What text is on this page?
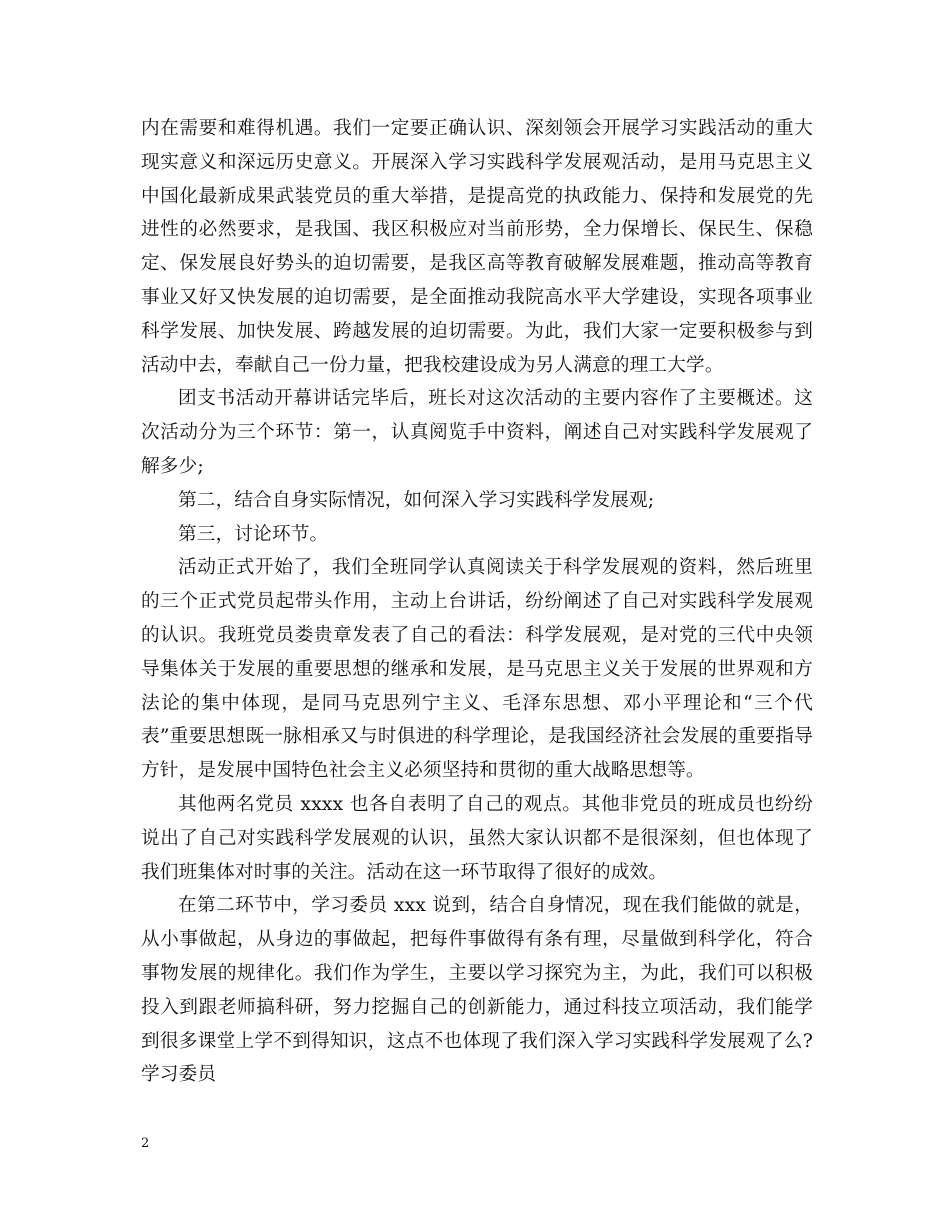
内在需要和难得机遇。我们一定要正确认识、深刻领会开展学习实践活动的重大现实意义和深远历史意义。开展深入学习实践科学发展观活动，是用马克思主义中国化最新成果武装党员的重大举措，是提高党的执政能力、保持和发展党的先进性的必然要求，是我国、我区积极应对当前形势，全力保增长、保民生、保稳定、保发展良好势头的迫切需要，是我区高等教育破解发展难题，推动高等教育事业又好又快发展的迫切需要，是全面推动我院高水平大学建设，实现各项事业科学发展、加快发展、跨越发展的迫切需要。为此，我们大家一定要积极参与到活动中去，奉献自己一份力量，把我校建设成为另人满意的理工大学。

团支书活动开幕讲话完毕后，班长对这次活动的主要内容作了主要概述。这次活动分为三个环节：第一，认真阅览手中资料，阐述自己对实践科学发展观了解多少;

第二，结合自身实际情况，如何深入学习实践科学发展观;

第三，讨论环节。

活动正式开始了，我们全班同学认真阅读关于科学发展观的资料，然后班里的三个正式党员起带头作用，主动上台讲话，纷纷阐述了自己对实践科学发展观的认识。我班党员娄贵章发表了自己的看法：科学发展观，是对党的三代中央领导集体关于发展的重要思想的继承和发展，是马克思主义关于发展的世界观和方法论的集中体现，是同马克思列宁主义、毛泽东思想、邓小平理论和“三个代表”重要思想既一脉相承又与时俱进的科学理论，是我国经济社会发展的重要指导方针，是发展中国特色社会主义必须坚持和贯彻的重大战略思想等。

其他两名党员 xxxx 也各自表明了自己的观点。其他非党员的班成员也纷纷说出了自己对实践科学发展观的认识，虽然大家认识都不是很深刻，但也体现了我们班集体对时事的关注。活动在这一环节取得了很好的成效。

在第二环节中，学习委员 xxx 说到，结合自身情况，现在我们能做的就是，从小事做起，从身边的事做起，把每件事做得有条有理，尽量做到科学化，符合事物发展的规律化。我们作为学生，主要以学习探究为主，为此，我们可以积极投入到跟老师搞科研，努力挖掘自己的创新能力，通过科技立项活动，我们能学到很多课堂上学不到得知识，这点不也体现了我们深入学习实践科学发展观了么?学习委员

2
